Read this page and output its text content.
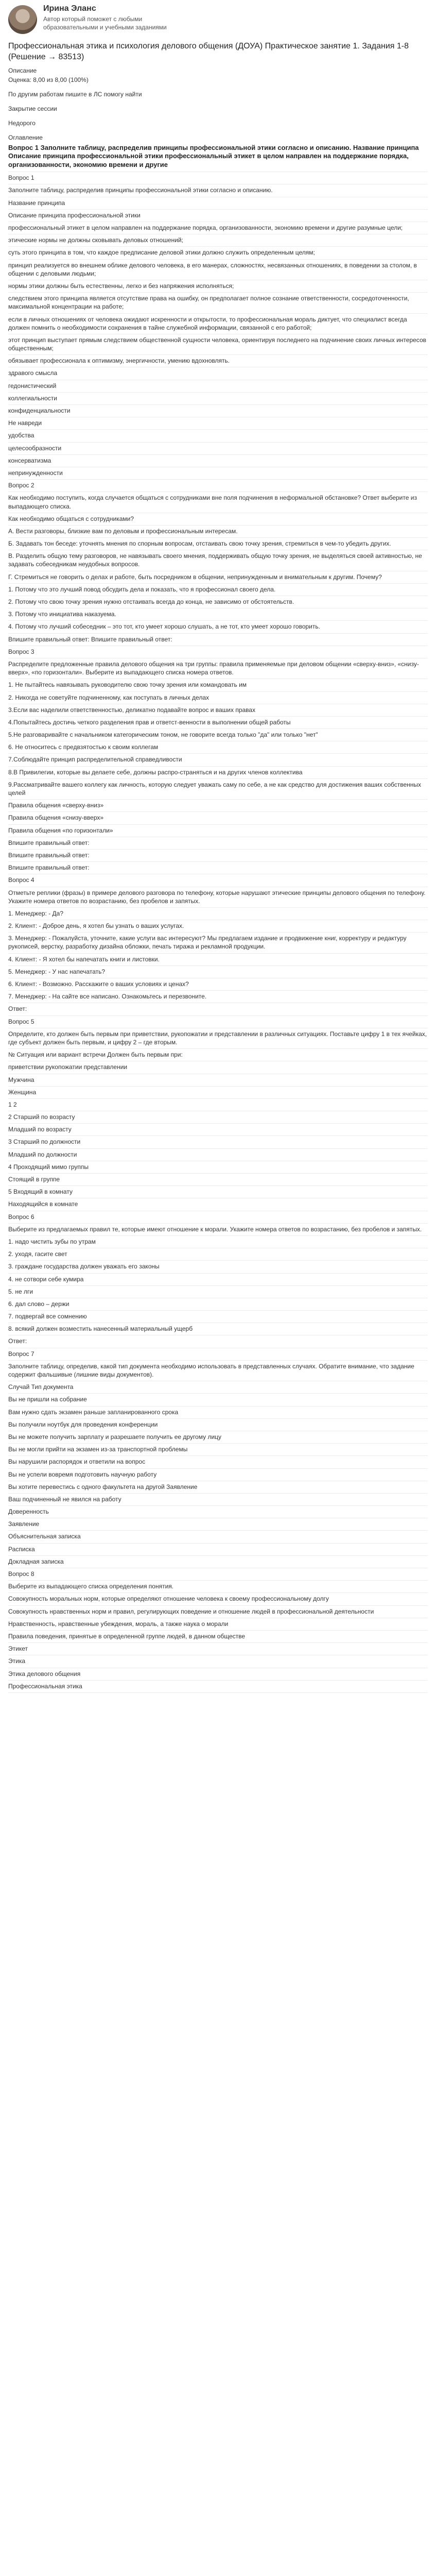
Ирина Эланс
Автор который поможет с любыми образовательными и учебными заданиями
Профессиональная этика и психология делового общения (ДОУА) Практическое занятие 1. Задания 1-8 (Решение → 83513)
Описание
Оценка: 8,00 из 8,00 (100%)
По другим работам пишите в ЛС помогу найти
Закрытие сессии
Недорого
Оглавление
Вопрос 1 Заполните таблицу, распределив принципы профессиональной этики согласно и описанию. Название принципа Описание принципа профессиональной этики профессиональный этикет в целом направлен на поддержание порядка, организованности, экономию времени и другие
Вопрос 1
Заполните таблицу, распределив принципы профессиональной этики согласно и описанию.
Название принципа
Описание принципа профессиональной этики
профессиональный этикет в целом направлен на поддержание порядка, организованности, экономию времени и другие разумные цели;
этические нормы не должны сковывать деловых отношений;
суть этого принципа в том, что каждое предписание деловой этики должно служить определенным целям;
принцип реализуется во внешнем облике делового человека, в его манерах, сложностях, несвязанных отношениях, в поведении за столом, в общении с деловыми людьми;
нормы этики должны быть естественны, легко и без напряжения исполняться;
следствием этого принципа является отсутствие права на ошибку, он предполагает полное сознание ответственности, сосредоточенности, максимальной концентрации на работе;
если в личных отношениях от человека ожидают искренности и открытости, то профессиональная мораль диктует, что специалист всегда должен помнить о необходимости сохранения в тайне служебной информации, связанной с его работой;
этот принцип выступает прямым следствием общественной сущности человека, ориентируя последнего на подчинение своих личных интересов общественным;
обязывает профессионала к оптимизму, энергичности, умению вдохновлять.
здравого смысла
гедонистический
коллегиальности
конфиденциальности
Не навреди
удобства
целесообразности
консерватизма
непринужденности
Вопрос 2
Как необходимо поступить, когда случается общаться с сотрудниками вне поля подчинения в неформальной обстановке? Ответ выберите из выпадающего списка.
Как необходимо общаться с сотрудниками?
А. Вести разговоры, близкие вам по деловым и профессиональным интересам.
Б. Задавать тон беседе: уточнять мнения по спорным вопросам, отстаивать свою точку зрения, стремиться в чем-то убедить других.
В. Разделить общую тему разговоров, не навязывать своего мнения, поддерживать общую точку зрения, не выделяться своей активностью, не задавать собеседникам неудобных вопросов.
Г. Стремиться не говорить о делах и работе, быть посредником в общении, непринужденным и внимательным к другим. Почему?
1. Потому что это лучший повод обсудить дела и показать, что я профессионал своего дела.
2. Потому что свою точку зрения нужно отстаивать всегда до конца, не зависимо от обстоятельств.
3. Потому что инициатива наказуема.
4. Потому что лучший собеседник – это тот, кто умеет хорошо слушать, а не тот, кто умеет хорошо говорить.
Впишите правильный ответ: Впишите правильный ответ:
Вопрос 3
Распределите предложенные правила делового общения на три группы: правила применяемые при деловом общении «сверху-вниз», «снизу-вверх», «по горизонтали». Выберите из выпадающего списка номера ответов.
1. Не пытайтесь навязывать руководителю свою точку зрения или командовать им
2. Никогда не советуйте подчиненному, как поступать в личных делах
3.Если вас наделили ответственностью, деликатно подавайте вопрос и ваших правах
4.Попытайтесь достичь четкого разделения прав и ответст-венности в выполнении общей работы
5.Не разговаривайте с начальником категорическим тоном, не говорите всегда только "да" или только "нет"
6. Не относитесь с предвзятостью к своим коллегам
7.Соблюдайте принцип распределительной справедливости
8.В Привилегии, которые вы делаете себе, должны распро-страняться и на других членов коллектива
9.Рассматривайте вашего коллегу как личность, которую следует уважать саму по себе, а не как средство для достижения ваших собственных целей
Правила общения «сверху-вниз»
Правила общения «снизу-вверх»
Правила общения «по горизонтали»
Впишите правильный ответ:
Впишите правильный ответ:
Впишите правильный ответ:
Вопрос 4
Отметьте реплики (фразы) в примере делового разговора по телефону, которые нарушают этические принципы делового общения по телефону. Укажите номера ответов по возрастанию, без пробелов и запятых.
1. Менеджер: - Да?
2. Клиент: - Доброе день, я хотел бы узнать о ваших услугах.
3. Менеджер: - Пожалуйста, уточните, какие услуги вас интересуют? Мы предлагаем издание и продвижение книг, корректуру и редактуру рукописей, верстку, разработку дизайна обложки, печать тиража и рекламной продукции.
4. Клиент: - Я хотел бы напечатать книги и листовки.
5. Менеджер: - У нас напечатать?
6. Клиент: - Возможно. Расскажите о ваших условиях и ценах?
7. Менеджер: - На сайте все написано. Ознакомьтесь и перезвоните.
Ответ:
Вопрос 5
Определите, кто должен быть первым при приветствии, рукопожатии и представлении в различных ситуациях. Поставьте цифру 1 в тех ячейках, где субъект должен быть первым, и цифру 2 – где вторым.
№ Ситуация или вариант встречи Должен быть первым при:
приветствии рукопожатии представлении
Мужчина
Женщина
1 2
2 Старший по возрасту
Младший по возрасту
3 Старший по должности
Младший по должности
4 Проходящий мимо группы
Стоящий в группе
5 Входящий в комнату
Находящийся в комнате
Вопрос 6
Выберите из предлагаемых правил те, которые имеют отношение к морали. Укажите номера ответов по возрастанию, без пробелов и запятых.
1. надо чистить зубы по утрам
2. уходя, гасите свет
3. граждане государства должен уважать его законы
4. не сотвори себе кумира
5. не лги
6. дал слово – держи
7. подвергай все сомнению
8. всякий должен возместить нанесенный материальный ущерб
Ответ:
Вопрос 7
Заполните таблицу, определив, какой тип документа необходимо использовать в представленных случаях. Обратите внимание, что задание содержит фальшивые (лишние виды документов).
Случай Тип документа
Вы не пришли на собрание
Вам нужно сдать экзамен раньше запланированного срока
Вы получили ноутбук для проведения конференции
Вы не можете получить зарплату и разрешаете получить ее другому лицу
Вы не могли прийти на экзамен из-за транспортной проблемы
Вы нарушили распорядок и ответили на вопрос
Вы не успели вовремя подготовить научную работу
Вы хотите перевестись с одного факультета на другой Заявление
Ваш подчиненный не явился на работу
Доверенность
Заявление
Объяснительная записка
Расписка
Докладная записка
Вопрос 8
Выберите из выпадающего списка определения понятия.
Совокупность моральных норм, которые определяют отношение человека к своему профессиональному долгу
Совокупность нравственных норм и правил, регулирующих поведение и отношение людей в профессиональной деятельности
Нравственность, нравственные убеждения, мораль, а также наука о морали
Правила поведения, принятые в определенной группе людей, в данном обществе
Этикет
Этика
Этика делового общения
Профессиональная этика
